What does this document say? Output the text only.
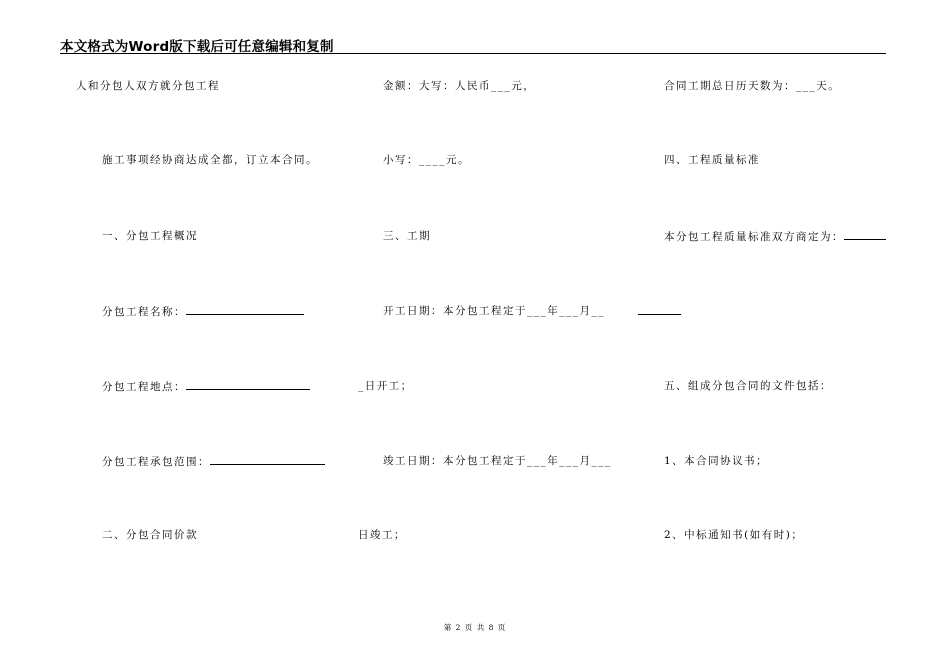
本文格式为Word版下载后可任意编辑和复制
人和分包人双方就分包工程
施工事项经协商达成全都，订立本合同。
一、分包工程概况
分包工程名称：
分包工程地点：
分包工程承包范围：
二、分包合同价款
金额：大写：人民币___元，
小写：____元。
三、工期
开工日期：本分包工程定于___年___月__
_日开工；
竣工日期：本分包工程定于___年___月___
日竣工；
合同工期总日历天数为：___天。
四、工程质量标准
本分包工程质量标准双方商定为：
五、组成分包合同的文件包括：
1、本合同协议书；
2、中标通知书(如有时)；
第 2 页 共 8 页
